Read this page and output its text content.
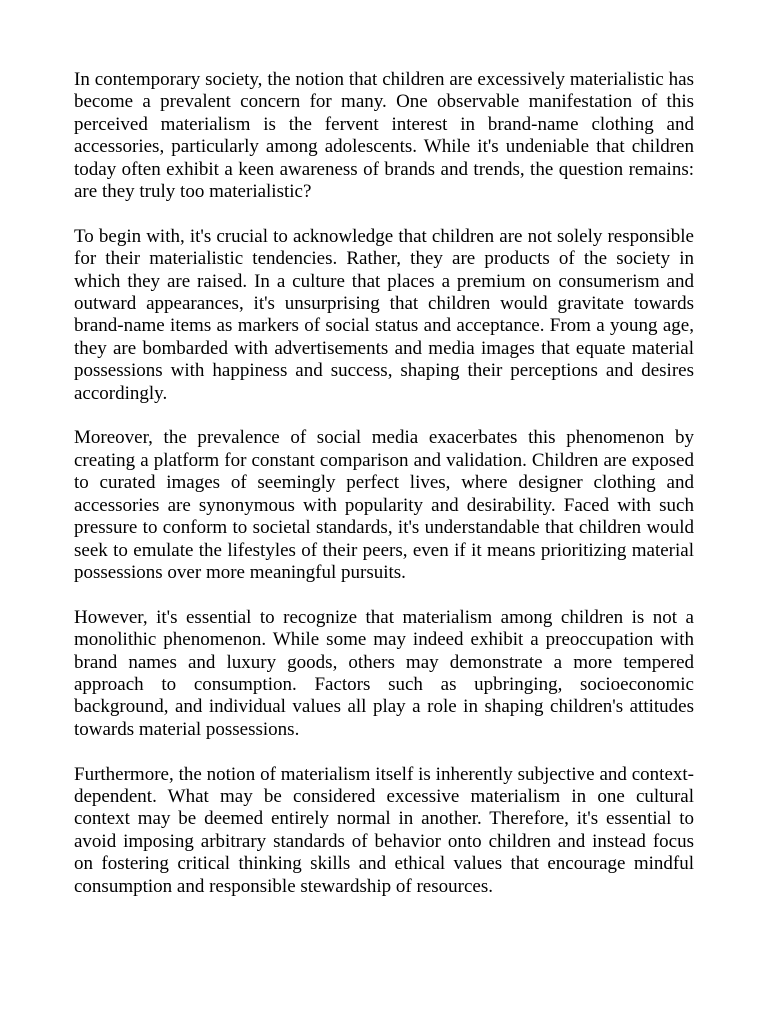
In contemporary society, the notion that children are excessively materialistic has become a prevalent concern for many. One observable manifestation of this perceived materialism is the fervent interest in brand-name clothing and accessories, particularly among adolescents. While it's undeniable that children today often exhibit a keen awareness of brands and trends, the question remains: are they truly too materialistic?

To begin with, it's crucial to acknowledge that children are not solely responsible for their materialistic tendencies. Rather, they are products of the society in which they are raised. In a culture that places a premium on consumerism and outward appearances, it's unsurprising that children would gravitate towards brand-name items as markers of social status and acceptance. From a young age, they are bombarded with advertisements and media images that equate material possessions with happiness and success, shaping their perceptions and desires accordingly.

Moreover, the prevalence of social media exacerbates this phenomenon by creating a platform for constant comparison and validation. Children are exposed to curated images of seemingly perfect lives, where designer clothing and accessories are synonymous with popularity and desirability. Faced with such pressure to conform to societal standards, it's understandable that children would seek to emulate the lifestyles of their peers, even if it means prioritizing material possessions over more meaningful pursuits.

However, it's essential to recognize that materialism among children is not a monolithic phenomenon. While some may indeed exhibit a preoccupation with brand names and luxury goods, others may demonstrate a more tempered approach to consumption. Factors such as upbringing, socioeconomic background, and individual values all play a role in shaping children's attitudes towards material possessions.

Furthermore, the notion of materialism itself is inherently subjective and context-dependent. What may be considered excessive materialism in one cultural context may be deemed entirely normal in another. Therefore, it's essential to avoid imposing arbitrary standards of behavior onto children and instead focus on fostering critical thinking skills and ethical values that encourage mindful consumption and responsible stewardship of resources.
